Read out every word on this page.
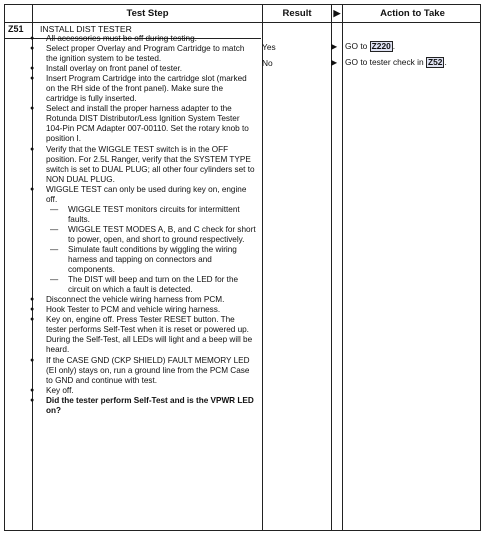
Test Step	Result	▶	Action to Take
Z51 INSTALL DIST TESTER
● All accessories must be off during testing.
● Select proper Overlay and Program Cartridge to match the ignition system to be tested.
● Install overlay on front panel of tester.
● Insert Program Cartridge into the cartridge slot (marked on the RH side of the front panel). Make sure the cartridge is fully inserted.
● Select and install the proper harness adapter to the Rotunda DIST Distributor/Less Ignition System Tester 104-Pin PCM Adapter 007-00110. Set the rotary knob to position I.
● Verify that the WIGGLE TEST switch is in the OFF position. For 2.5L Ranger, verify that the SYSTEM TYPE switch is set to DUAL PLUG; all other four cylinders set to NON DUAL PLUG.
● WIGGLE TEST can only be used during key on, engine off.
— WIGGLE TEST monitors circuits for intermittent faults.
— WIGGLE TEST MODES A, B, and C check for short to power, open, and short to ground respectively.
— Simulate fault conditions by wiggling the wiring harness and tapping on connectors and components.
— The DIST will beep and turn on the LED for the circuit on which a fault is detected.
● Disconnect the vehicle wiring harness from PCM.
● Hook Tester to PCM and vehicle wiring harness.
● Key on, engine off. Press Tester RESET button. The tester performs Self-Test when it is reset or powered up. During the Self-Test, all LEDs will light and a beep will be heard.
● If the CASE GND (CKP SHIELD) FAULT MEMORY LED (EI only) stays on, run a ground line from the PCM Case to GND and continue with test.
● Key off.
● Did the tester perform Self-Test and is the VPWR LED on?
Yes	▶ GO to Z220 .
No	▶ GO to tester check in Z52 .
